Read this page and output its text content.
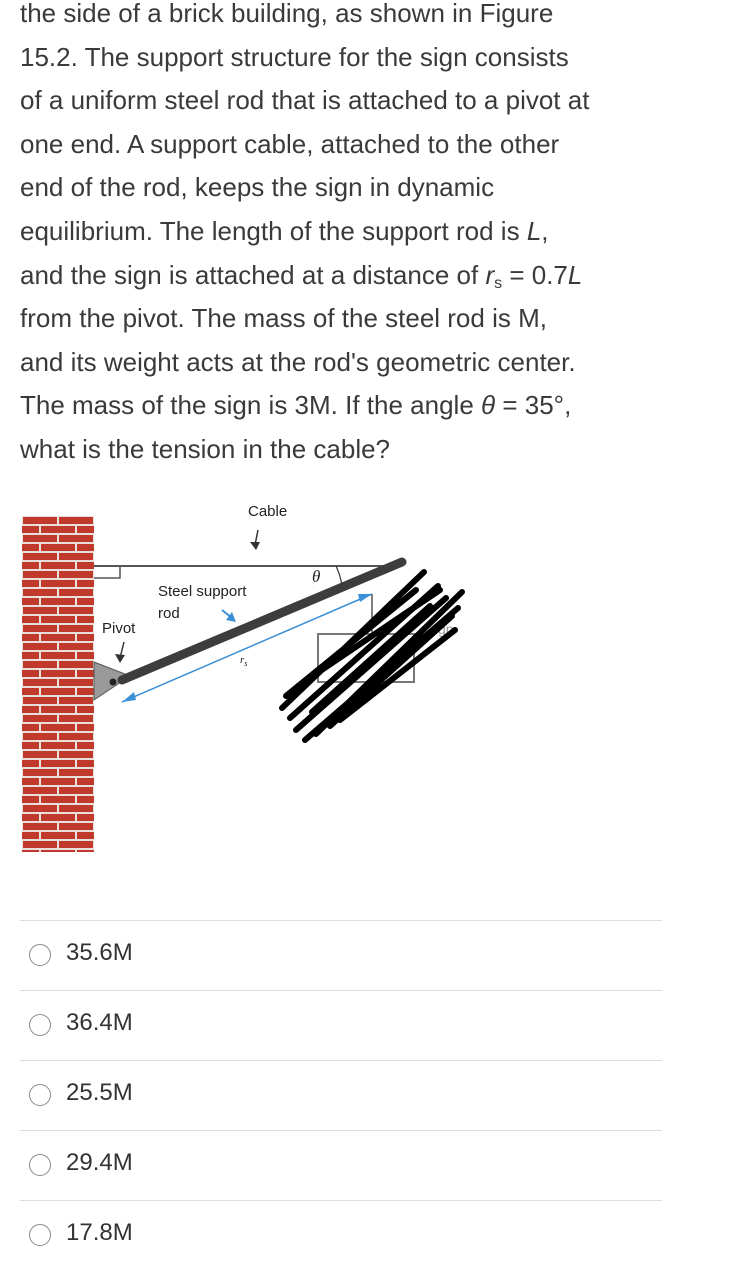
the side of a brick building, as shown in Figure
15.2. The support structure for the sign consists
of a uniform steel rod that is attached to a pivot at
one end. A support cable, attached to the other
end of the rod, keeps the sign in dynamic
equilibrium. The length of the support rod is L,
and the sign is attached at a distance of $r_s = 0.7L$
from the pivot. The mass of the steel rod is M,
and its weight acts at the rod's geometric center.
The mass of the sign is 3M. If the angle θ = 35°,
what is the tension in the cable?
Cable
Steel support
rod
Pivot
θ
$r_s$
gn
35.6M
36.4M
25.5M
29.4M
17.8M
